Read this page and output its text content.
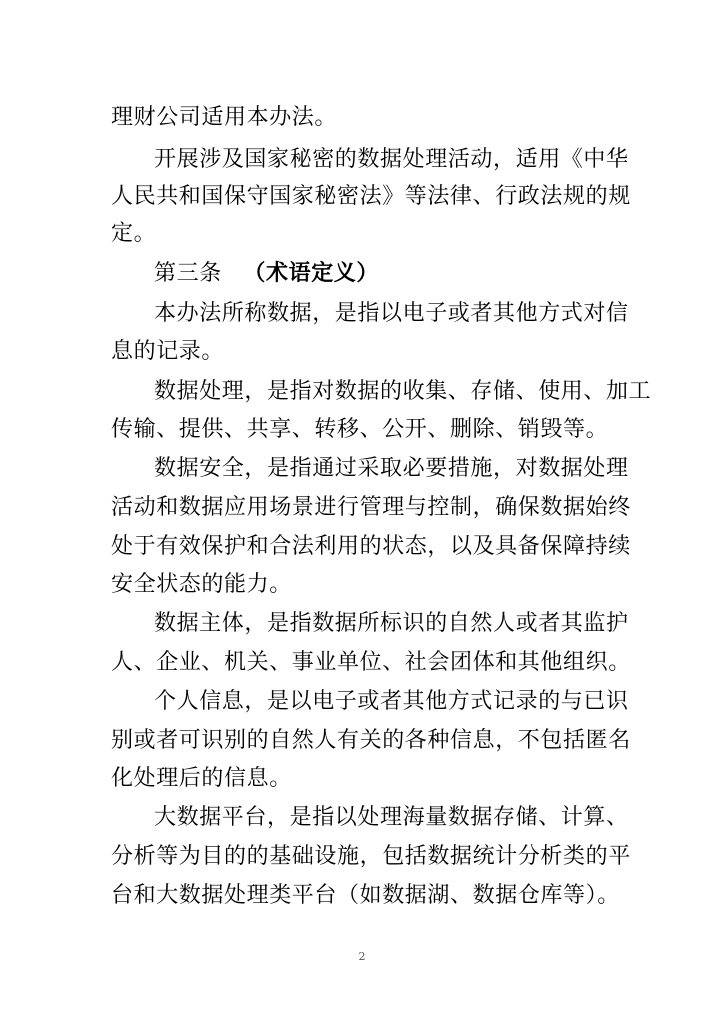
理财公司适用本办法。
开展涉及国家秘密的数据处理活动，适用《中华
人民共和国保守国家秘密法》等法律、行政法规的规
定。
第三条 （术语定义）
本办法所称数据，是指以电子或者其他方式对信
息的记录。
数据处理，是指对数据的收集、存储、使用、加工
传输、提供、共享、转移、公开、删除、销毁等。
数据安全，是指通过采取必要措施，对数据处理
活动和数据应用场景进行管理与控制，确保数据始终
处于有效保护和合法利用的状态，以及具备保障持续
安全状态的能力。
数据主体，是指数据所标识的自然人或者其监护
人、企业、机关、事业单位、社会团体和其他组织。
个人信息，是以电子或者其他方式记录的与已识
别或者可识别的自然人有关的各种信息，不包括匿名
化处理后的信息。
大数据平台，是指以处理海量数据存储、计算、
分析等为目的的基础设施，包括数据统计分析类的平
台和大数据处理类平台（如数据湖、数据仓库等）。
2
